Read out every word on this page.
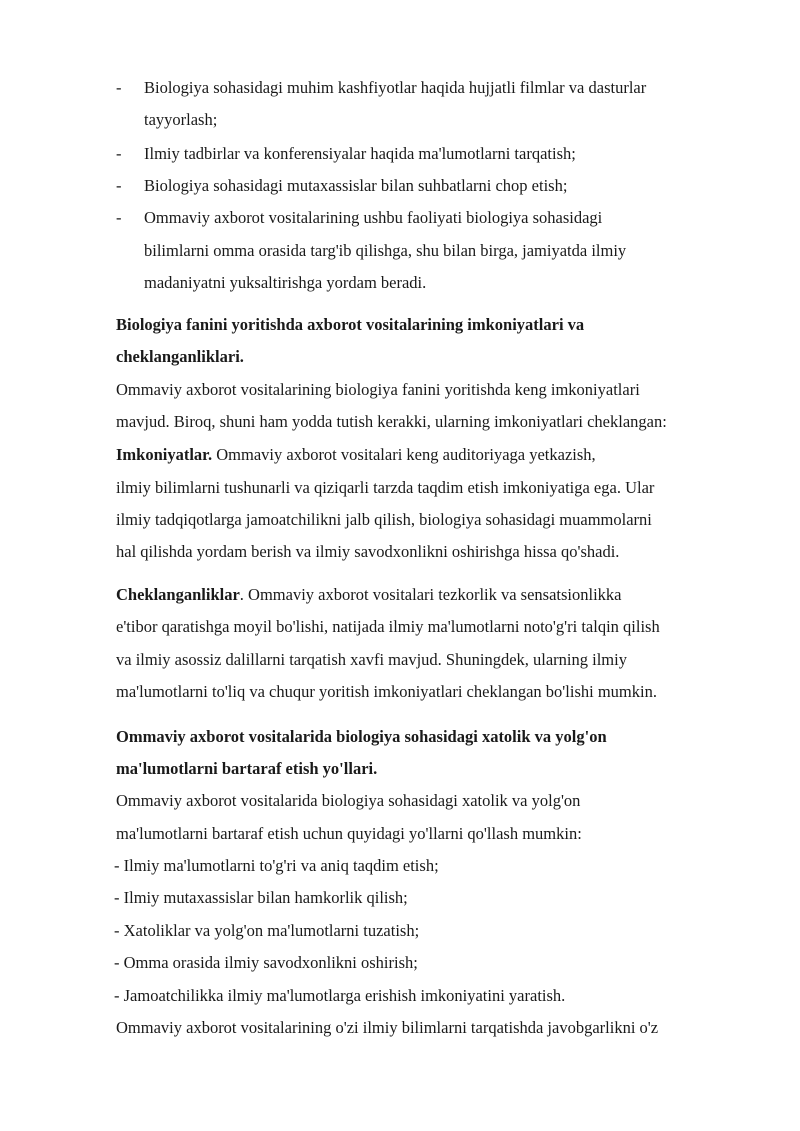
- Biologiya sohasidagi muhim kashfiyotlar haqida hujjatli filmlar va dasturlar
tayyorlash;
- Ilmiy tadbirlar va konferensiyalar haqida ma'lumotlarni tarqatish;
- Biologiya sohasidagi mutaxassislar bilan suhbatlarni chop etish;
- Ommaviy axborot vositalarining ushbu faoliyati biologiya sohasidagi
bilimlarni omma orasida targ'ib qilishga, shu bilan birga, jamiyatda ilmiy
madaniyatni yuksaltirishga yordam beradi.
Biologiya fanini yoritishda axborot vositalarining imkoniyatlari va
cheklanganliklari.
Ommaviy axborot vositalarining biologiya fanini yoritishda keng imkoniyatlari
mavjud. Biroq, shuni ham yodda tutish kerakki, ularning imkoniyatlari cheklangan:
Imkoniyatlar. Ommaviy axborot vositalari keng auditoriyaga yetkazish,
ilmiy bilimlarni tushunarli va qiziqarli tarzda taqdim etish imkoniyatiga ega. Ular
ilmiy tadqiqotlarga jamoatchilikni jalb qilish, biologiya sohasidagi muammolarni
hal qilishda yordam berish va ilmiy savodxonlikni oshirishga hissa qo'shadi.
Cheklanganliklar. Ommaviy axborot vositalari tezkorlik va sensatsionlikka
e'tibor qaratishga moyil bo'lishi, natijada ilmiy ma'lumotlarni noto'g'ri talqin qilish
va ilmiy asossiz dalillarni tarqatish xavfi mavjud. Shuningdek, ularning ilmiy
ma'lumotlarni to'liq va chuqur yoritish imkoniyatlari cheklangan bo'lishi mumkin.
Ommaviy axborot vositalarida biologiya sohasidagi xatolik va yolg'on
ma'lumotlarni bartaraf etish yo'llari.
Ommaviy axborot vositalarida biologiya sohasidagi xatolik va yolg'on
ma'lumotlarni bartaraf etish uchun quyidagi yo'llarni qo'llash mumkin:
- Ilmiy ma'lumotlarni to'g'ri va aniq taqdim etish;
- Ilmiy mutaxassislar bilan hamkorlik qilish;
- Xatoliklar va yolg'on ma'lumotlarni tuzatish;
- Omma orasida ilmiy savodxonlikni oshirish;
- Jamoatchilikka ilmiy ma'lumotlarga erishish imkoniyatini yaratish.
Ommaviy axborot vositalarining o'zi ilmiy bilimlarni tarqatishda javobgarlikni o'z
